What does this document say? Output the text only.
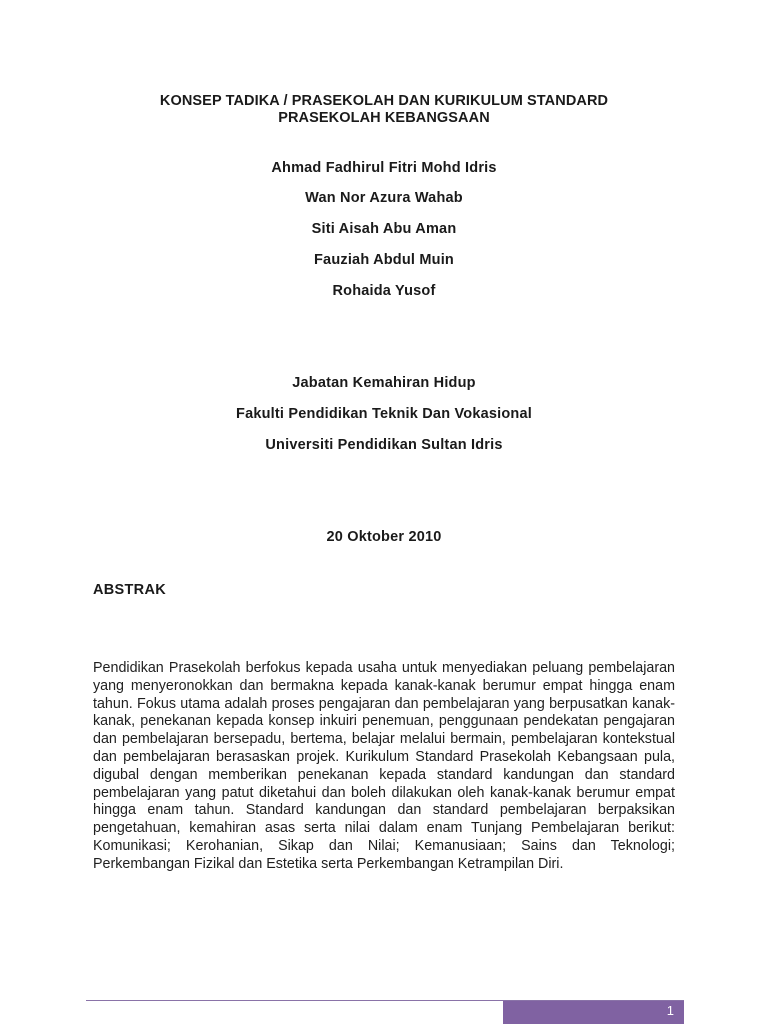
KONSEP TADIKA / PRASEKOLAH DAN KURIKULUM STANDARD
PRASEKOLAH KEBANGSAAN
Ahmad Fadhirul Fitri Mohd Idris
Wan Nor Azura Wahab
Siti Aisah Abu Aman
Fauziah Abdul Muin
Rohaida Yusof
Jabatan Kemahiran Hidup
Fakulti Pendidikan Teknik Dan Vokasional
Universiti Pendidikan Sultan Idris
20 Oktober 2010
ABSTRAK
Pendidikan Prasekolah berfokus kepada usaha untuk menyediakan peluang pembelajaran yang menyeronokkan dan bermakna kepada kanak-kanak berumur empat hingga enam tahun. Fokus utama adalah proses pengajaran dan pembelajaran yang berpusatkan kanak-kanak, penekanan kepada konsep inkuiri penemuan, penggunaan pendekatan pengajaran dan pembelajaran bersepadu, bertema, belajar melalui bermain, pembelajaran kontekstual dan pembelajaran berasaskan projek. Kurikulum Standard Prasekolah Kebangsaan pula, digubal dengan memberikan penekanan kepada standard kandungan dan standard pembelajaran yang patut diketahui dan boleh dilakukan oleh kanak-kanak berumur empat hingga enam tahun. Standard kandungan dan standard pembelajaran berpaksikan pengetahuan, kemahiran asas serta nilai dalam enam Tunjang Pembelajaran berikut: Komunikasi; Kerohanian, Sikap dan Nilai; Kemanusiaan; Sains dan Teknologi; Perkembangan Fizikal dan Estetika serta Perkembangan Ketrampilan Diri.
1
